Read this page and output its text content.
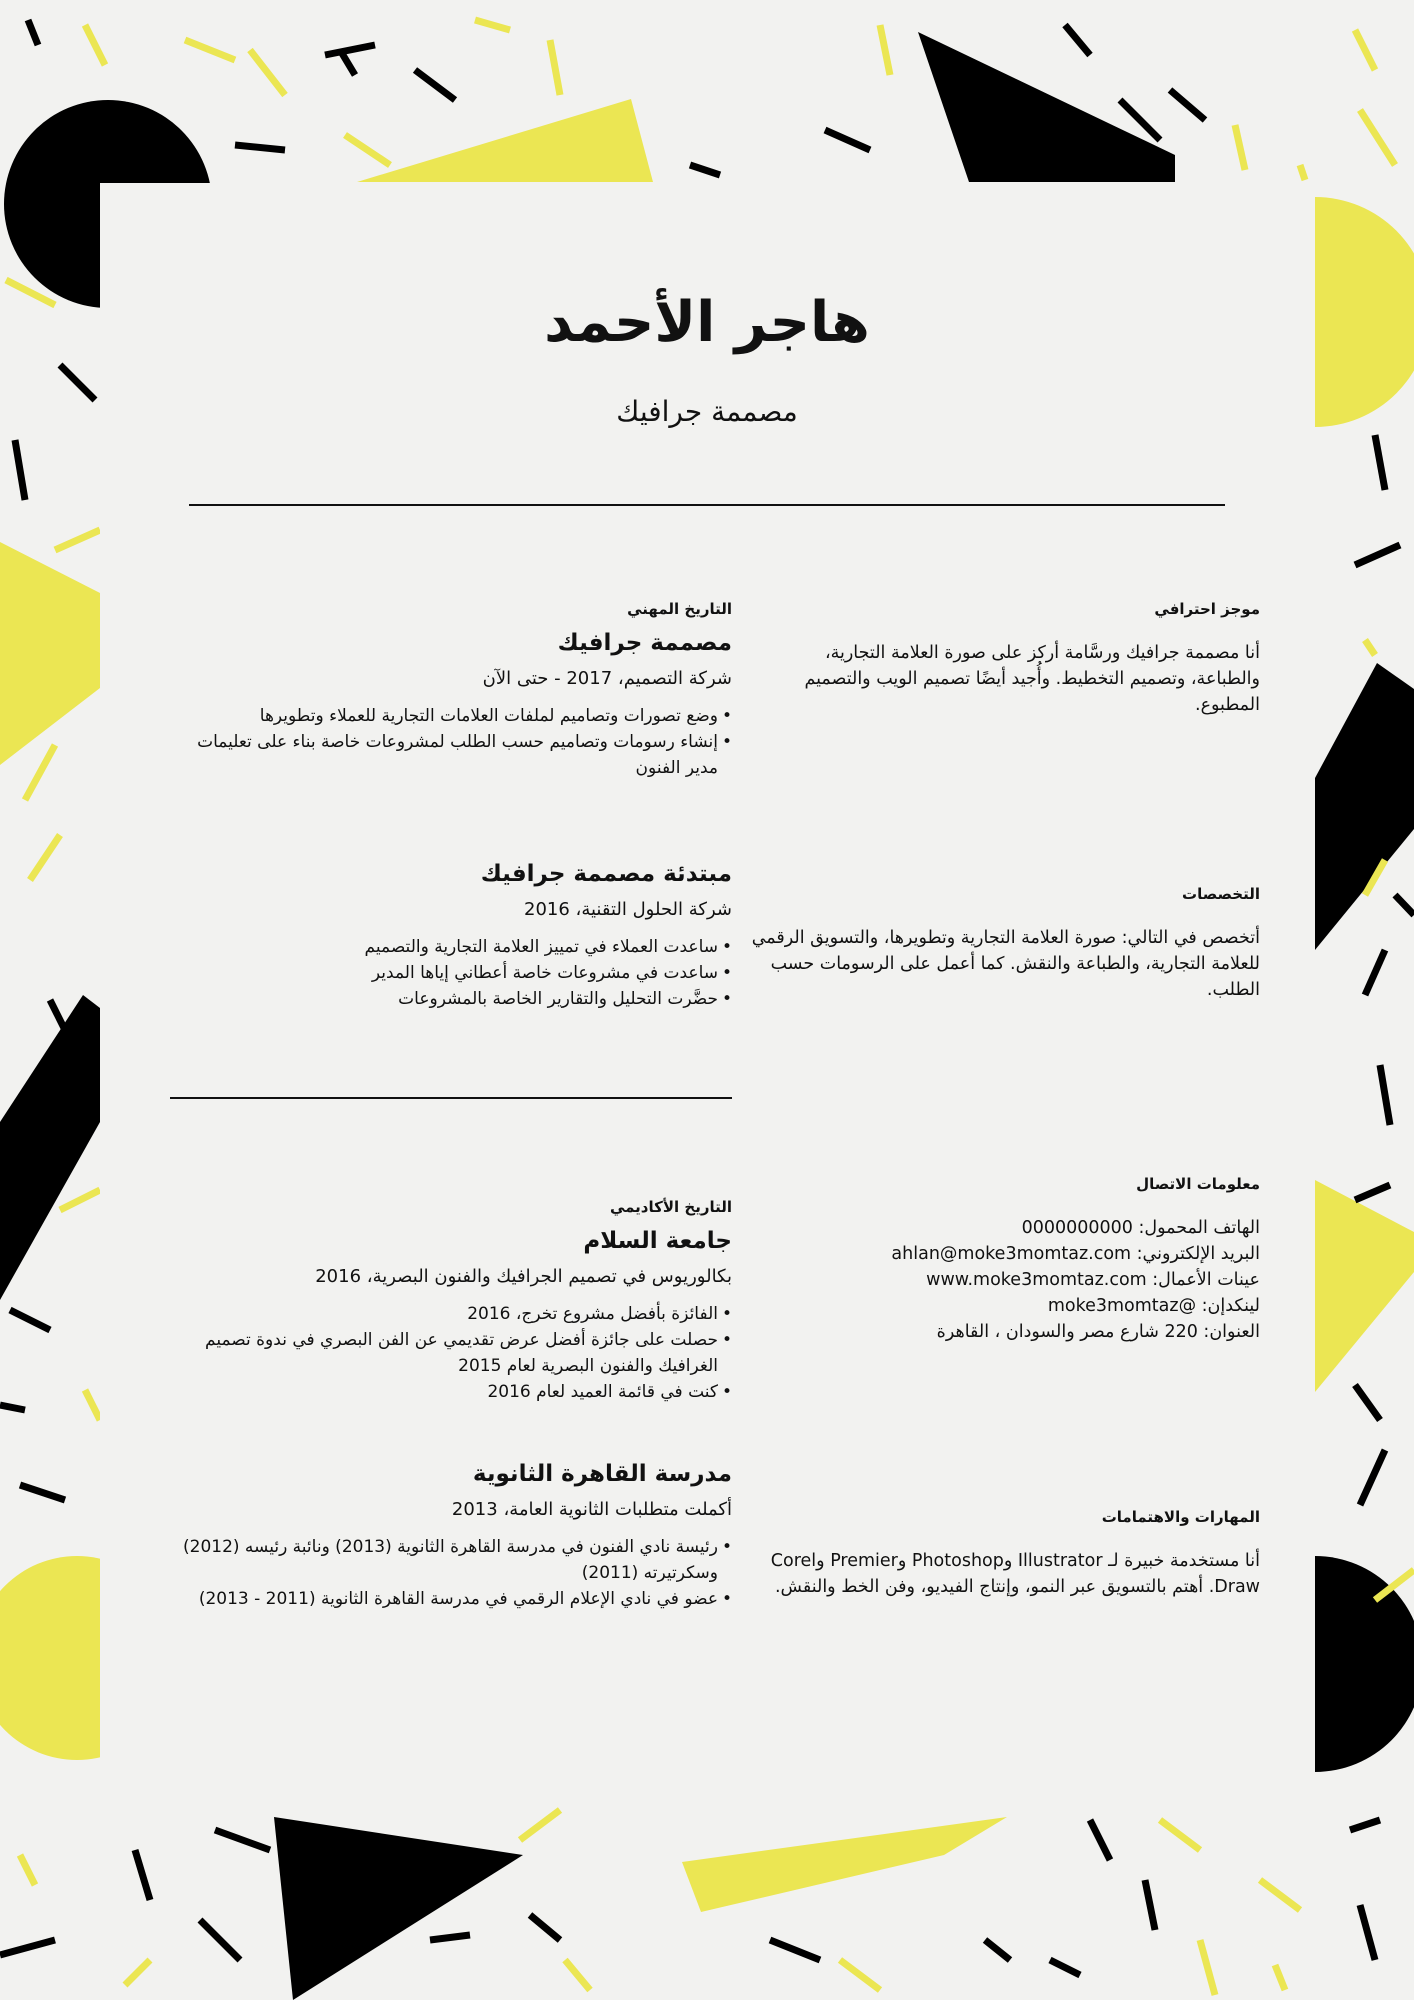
هاجر الأحمد
مصممة جرافيك
موجز احترافي
أنا مصممة جرافيك ورسَّامة أركز على صورة العلامة التجارية، والطباعة، وتصميم التخطيط. وأُجيد أيضًا تصميم الويب والتصميم المطبوع.
التخصصات
أتخصص في التالي: صورة العلامة التجارية وتطويرها، والتسويق الرقمي للعلامة التجارية، والطباعة والنقش. كما أعمل على الرسومات حسب الطلب.
معلومات الاتصال
الهاتف المحمول: 0000000000
البريد الإلكتروني: ahlan@moke3momtaz.com
عينات الأعمال: www.moke3momtaz.com
لينكدإن: @moke3momtaz
العنوان: 220 شارع مصر والسودان ، القاهرة
المهارات والاهتمامات
أنا مستخدمة خبيرة لـ Illustrator وPhotoshop وPremier وCorel Draw. أهتم بالتسويق عبر النمو، وإنتاج الفيديو، وفن الخط والنقش.
التاريخ المهني
مصممة جرافيك
شركة التصميم، 2017 - حتى الآن
• وضع تصورات وتصاميم لملفات العلامات التجارية للعملاء وتطويرها
• إنشاء رسومات وتصاميم حسب الطلب لمشروعات خاصة بناء على تعليمات مدير الفنون
مبتدئة مصممة جرافيك
شركة الحلول التقنية، 2016
• ساعدت العملاء في تمييز العلامة التجارية والتصميم
• ساعدت في مشروعات خاصة أعطاني إياها المدير
• حضَّرت التحليل والتقارير الخاصة بالمشروعات
التاريخ الأكاديمي
جامعة السلام
بكالوريوس في تصميم الجرافيك والفنون البصرية، 2016
• الفائزة بأفضل مشروع تخرج، 2016
• حصلت على جائزة أفضل عرض تقديمي عن الفن البصري في ندوة تصميم الغرافيك والفنون البصرية لعام 2015
• كنت في قائمة العميد لعام 2016
مدرسة القاهرة الثانوية
أكملت متطلبات الثانوية العامة، 2013
• رئيسة نادي الفنون في مدرسة القاهرة الثانوية (2013) ونائبة رئيسه (2012) وسكرتيرته (2011)
• عضو في نادي الإعلام الرقمي في مدرسة القاهرة الثانوية (2011 - 2013)
